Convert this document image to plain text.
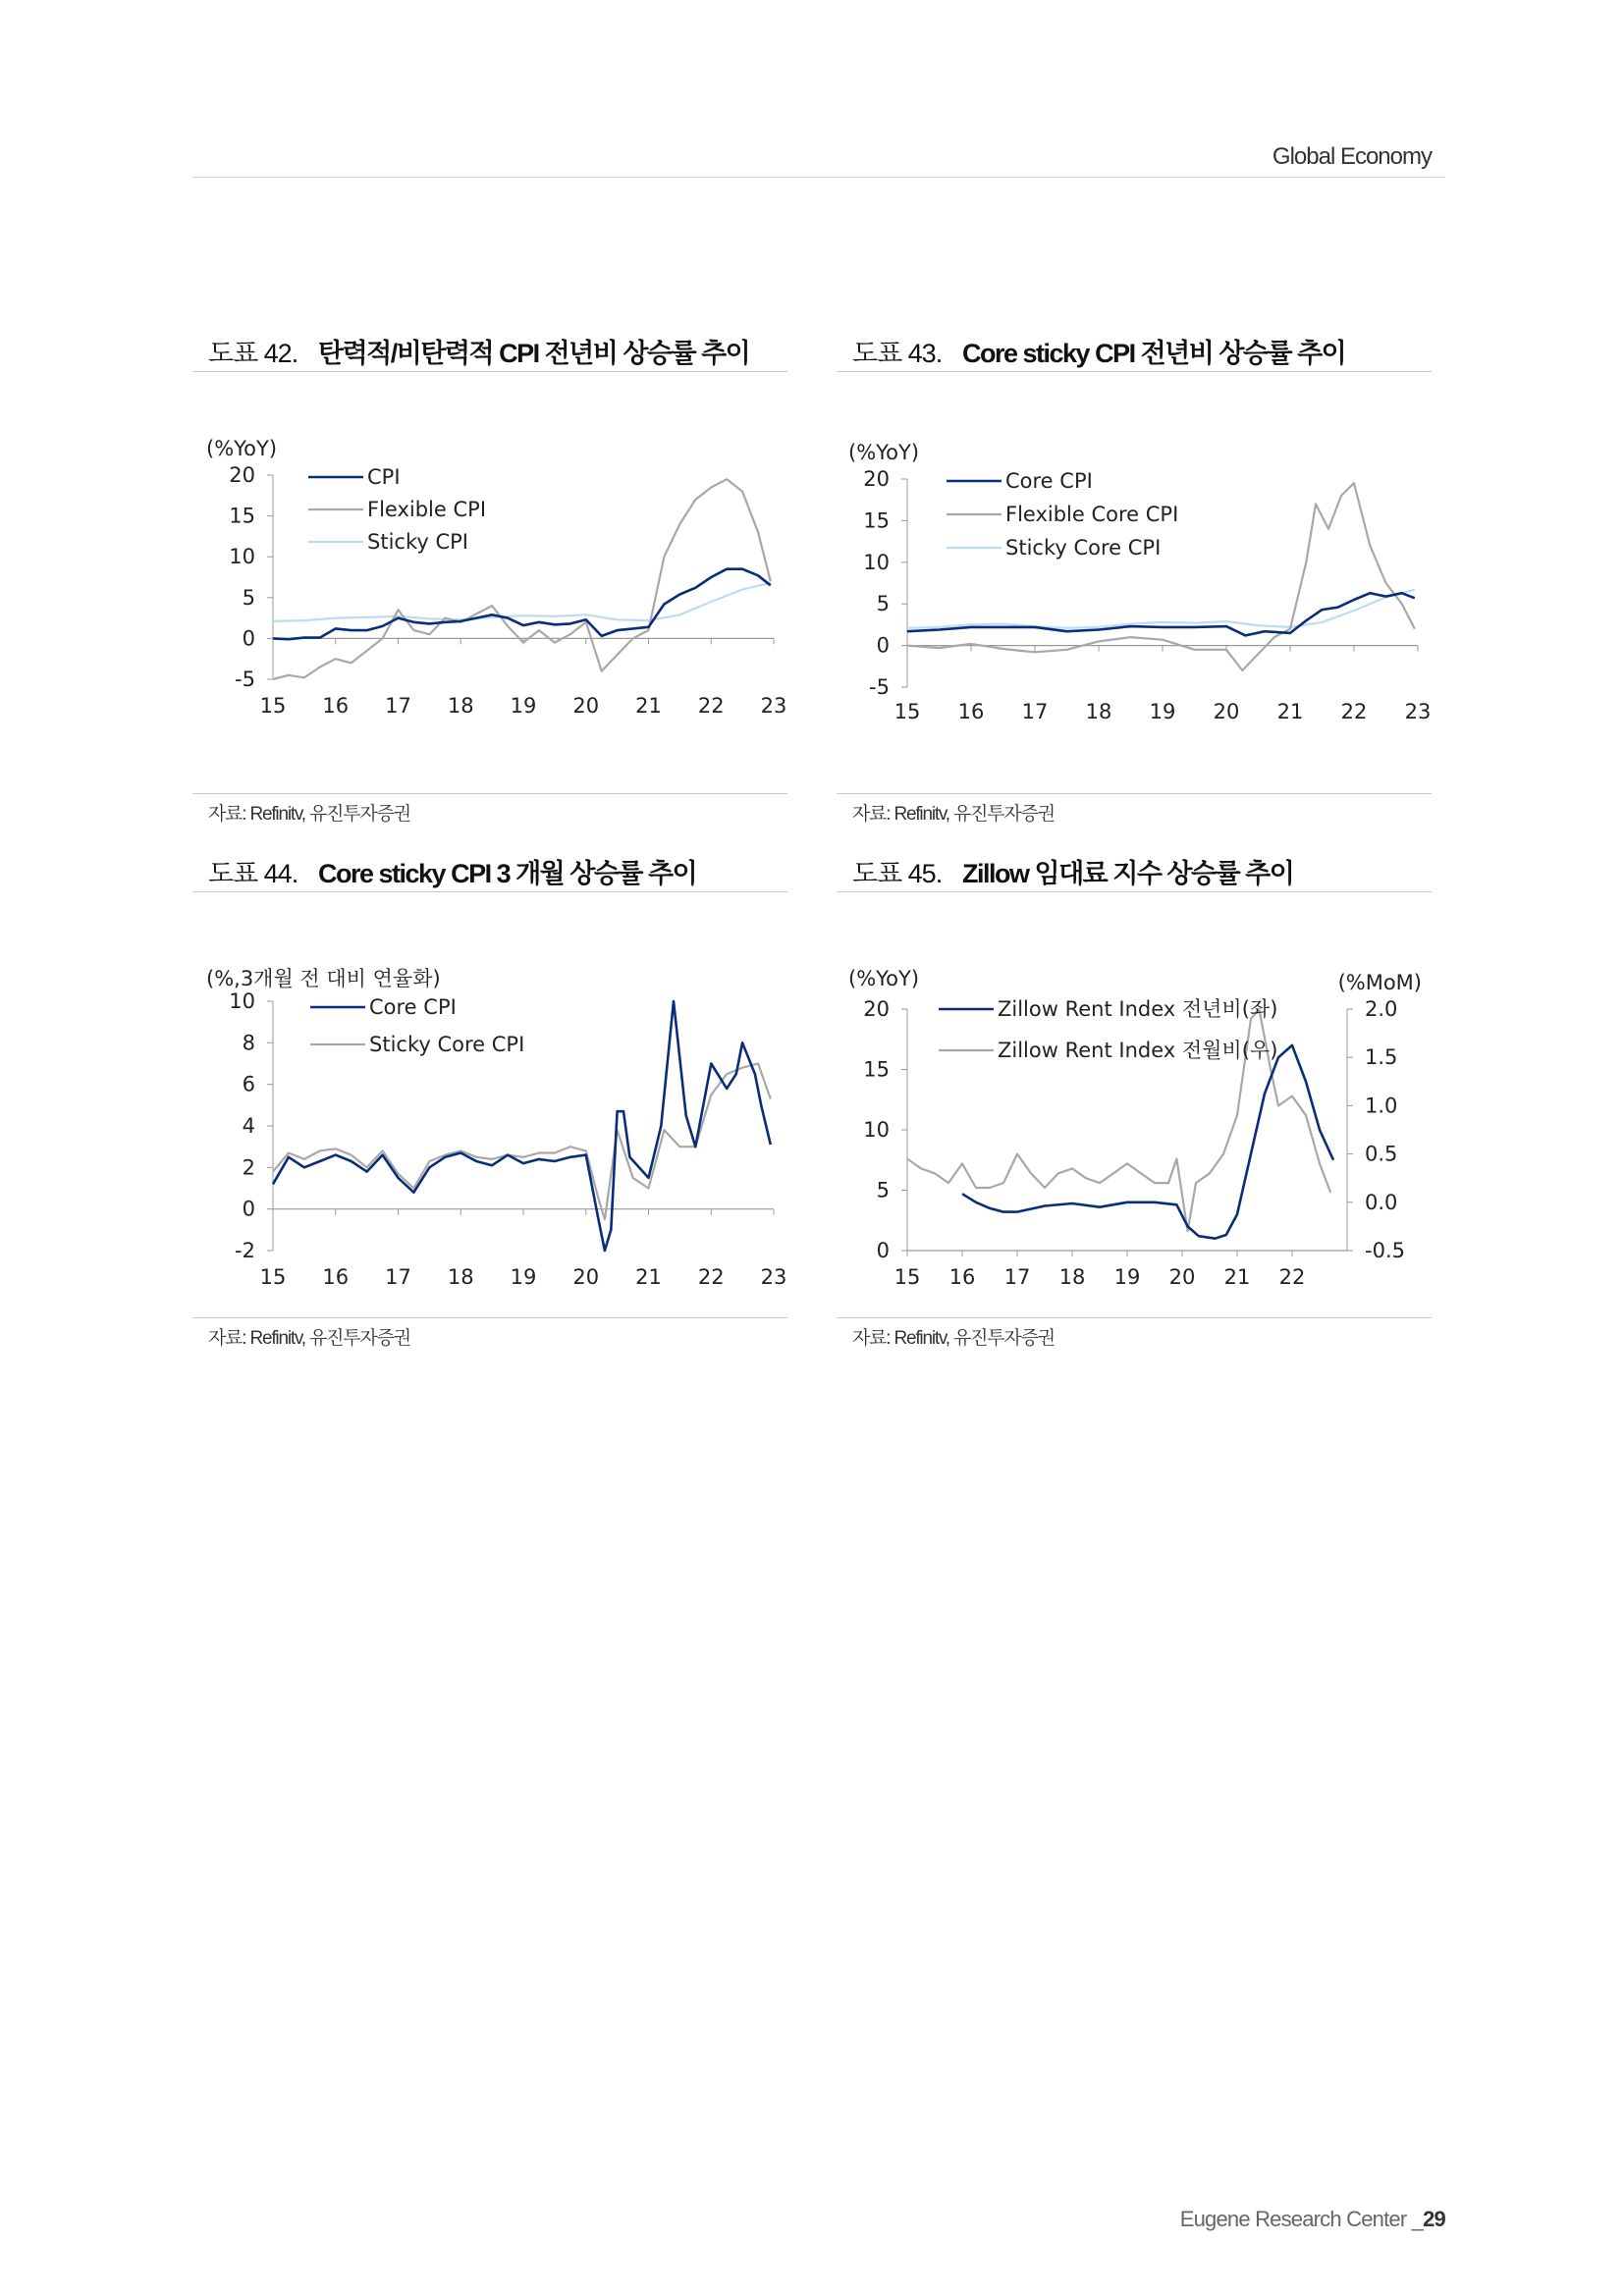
Global Economy
도표 42. 탄력적/비탄력적 CPI 전년비 상승률 추이
(%YoY)
-5
0
5
10
15
20
15 16 17 18 19 20 21 22 23
CPI
Flexible CPI
Sticky CPI
자료: Refinitv, 유진투자증권
도표 43. Core sticky CPI 전년비 상승률 추이
(%YoY)
-5
0
5
10
15
20
15 16 17 18 19 20 21 22 23
Core CPI
Flexible Core CPI
Sticky Core CPI
자료: Refinitv, 유진투자증권
도표 44. Core sticky CPI 3 개월 상승률 추이
(%,3개월 전 대비 연율화)
-2
0
2
4
6
8
10
15 16 17 18 19 20 21 22 23
Core CPI
Sticky Core CPI
자료: Refinitv, 유진투자증권
도표 45. Zillow 임대료 지수 상승률 추이
(%YoY)	(%MoM)
0
5
10
15
20
-0.5
0.0
0.5
1.0
1.5
2.0
15 16 17 18 19 20 21 22
Zillow Rent Index 전년비(좌)
Zillow Rent Index 전월비(우)
자료: Refinitv, 유진투자증권
Eugene Research Center _29
